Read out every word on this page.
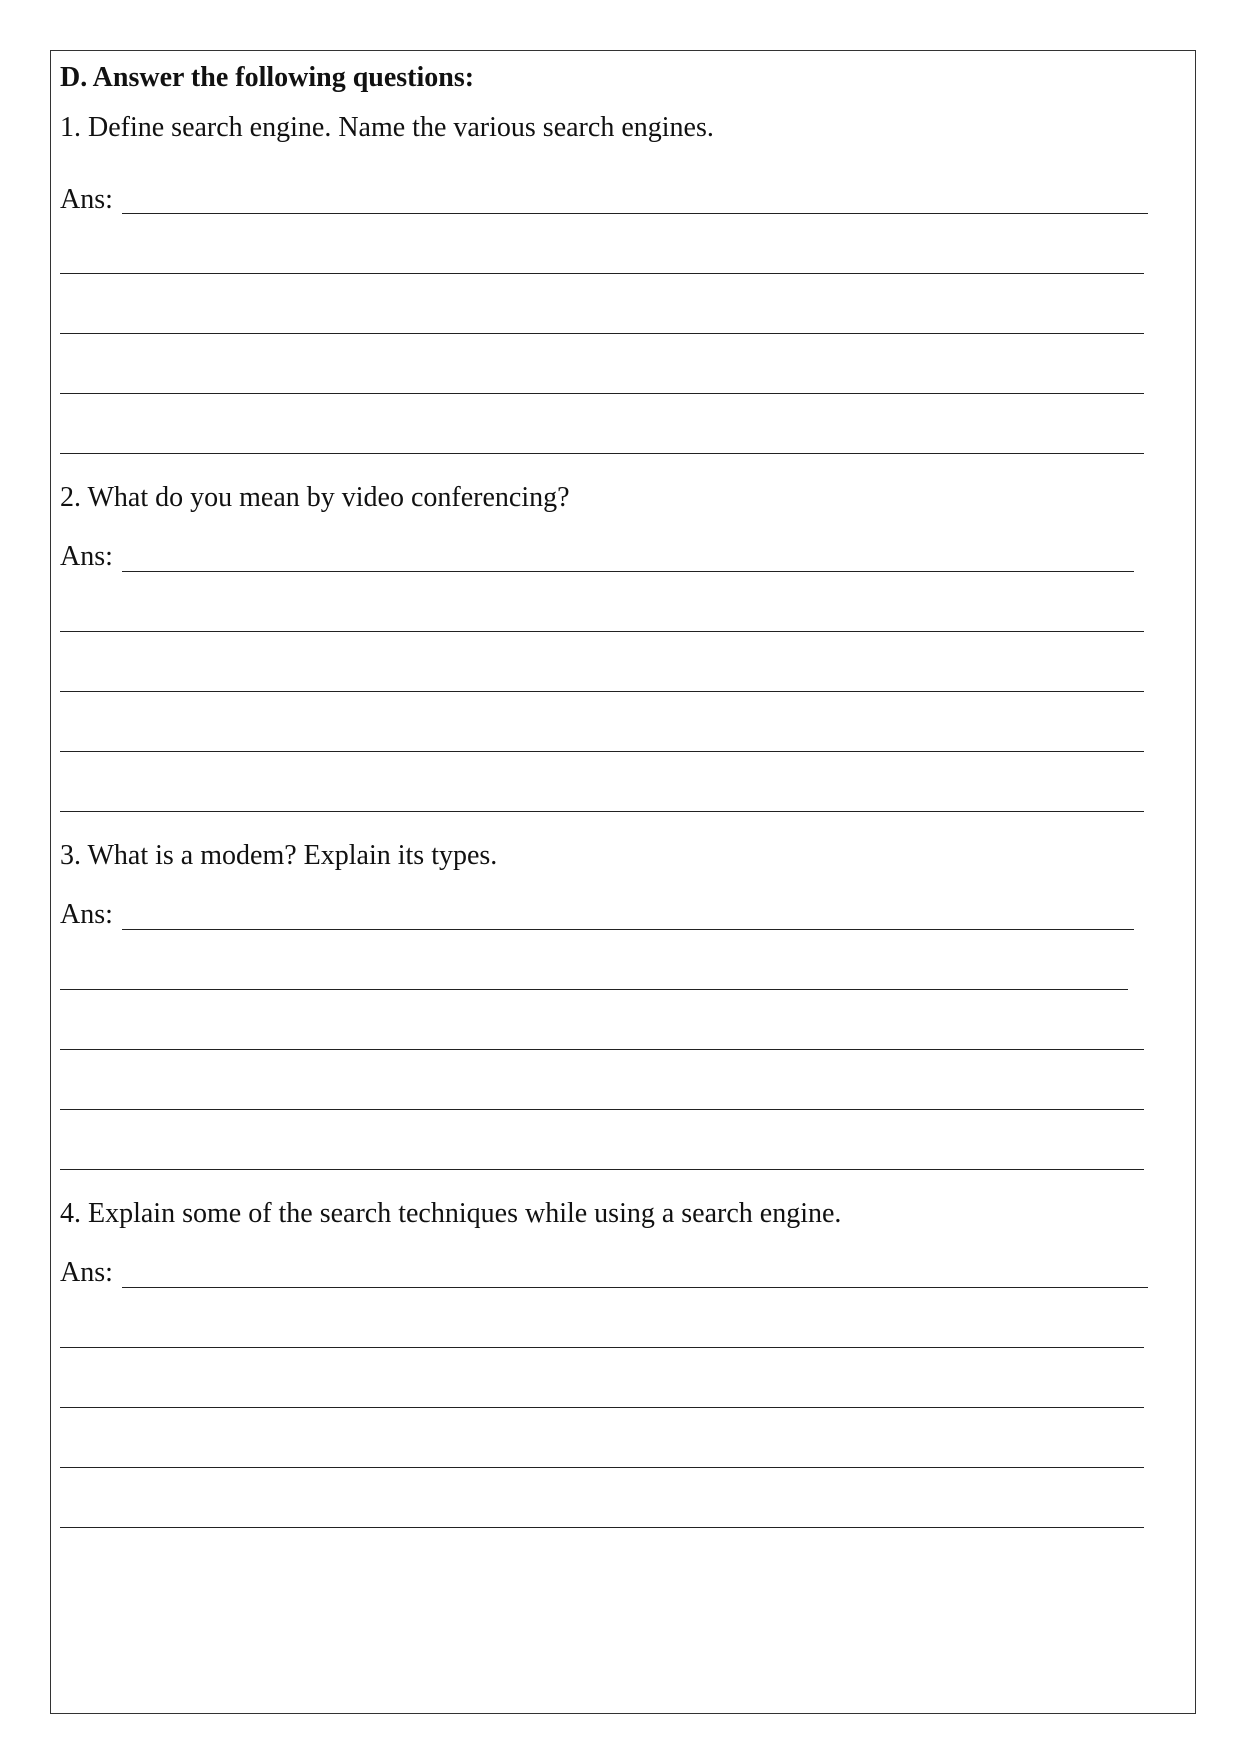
D. Answer the following questions:
1. Define search engine. Name the various search engines.
Ans:
2. What do you mean by video conferencing?
Ans:
3. What is a modem? Explain its types.
Ans:
4. Explain some of the search techniques while using a search engine.
Ans:
